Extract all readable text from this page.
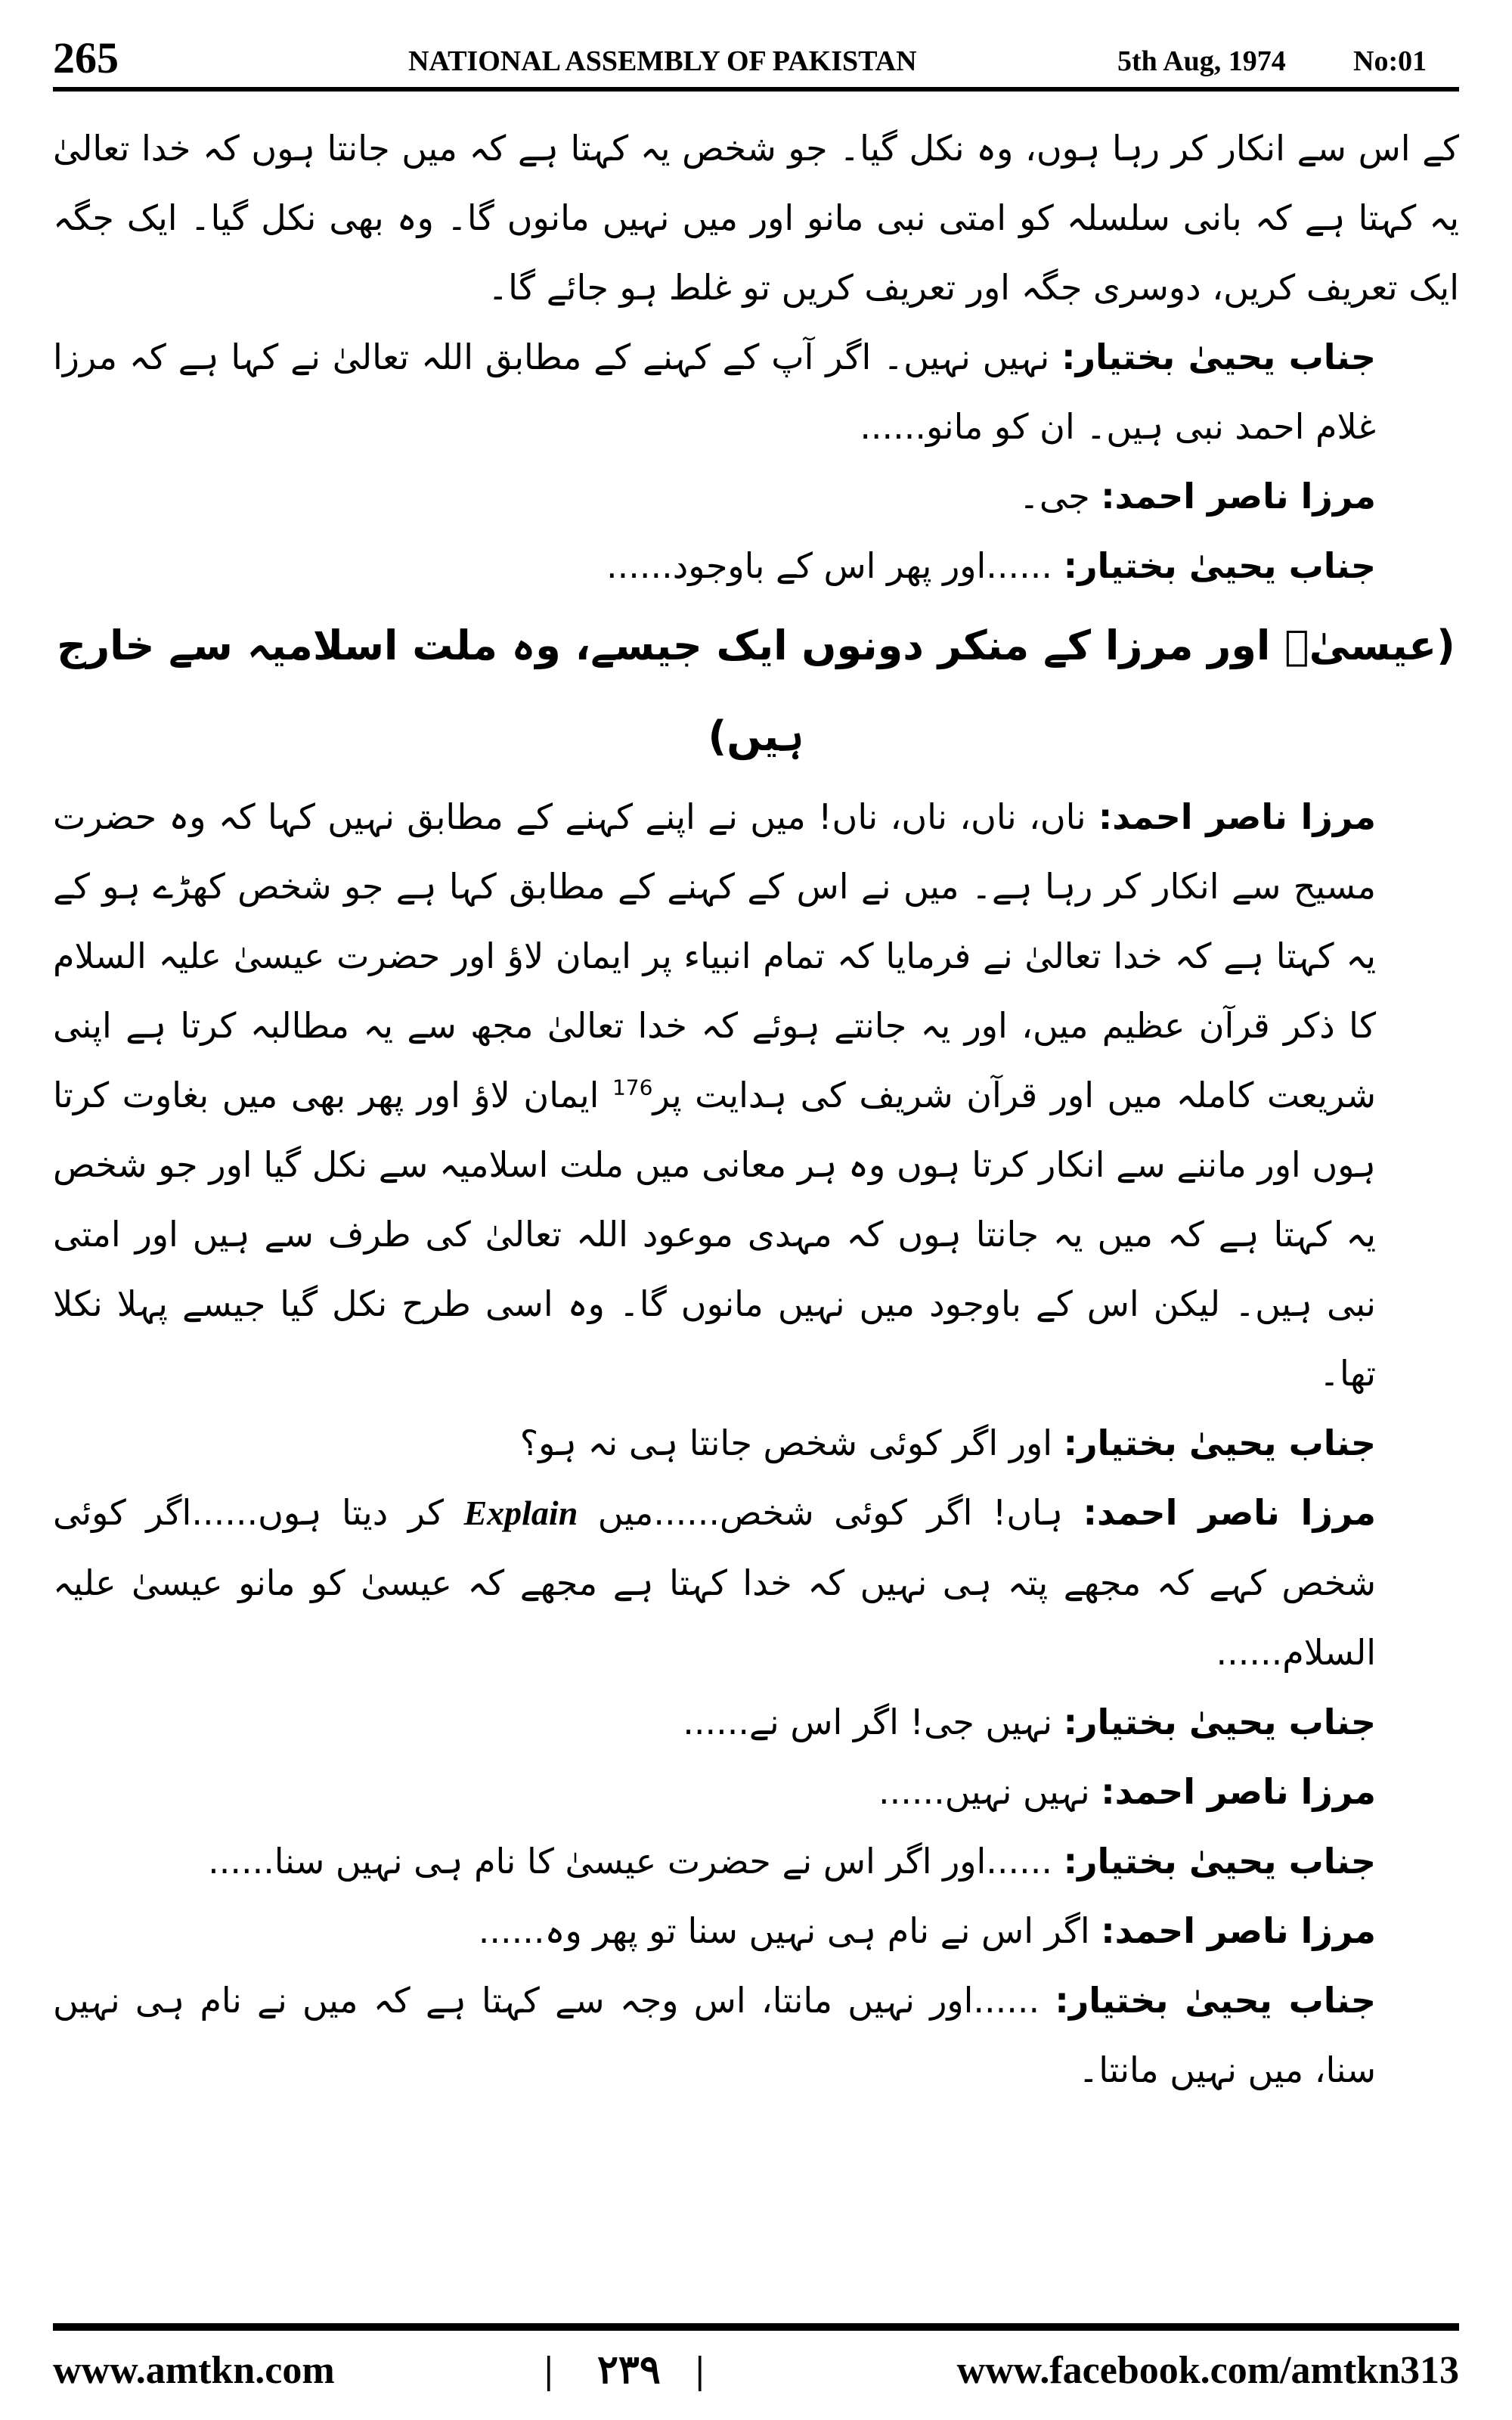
265	NATIONAL ASSEMBLY OF PAKISTAN	5th Aug, 1974 No:01

کے اس سے انکار کر رہا ہوں، وہ نکل گیا۔ جو شخص یہ کہتا ہے کہ میں جانتا ہوں کہ خدا تعالیٰ یہ کہتا ہے کہ بانی سلسلہ کو امتی نبی مانو اور میں نہیں مانوں گا۔ وہ بھی نکل گیا۔ ایک جگہ ایک تعریف کریں، دوسری جگہ اور تعریف کریں تو غلط ہو جائے گا۔

جناب یحییٰ بختیار: نہیں نہیں۔ اگر آپ کے کہنے کے مطابق اللہ تعالیٰ نے کہا ہے کہ مرزا غلام احمد نبی ہیں۔ ان کو مانو......

مرزا ناصر احمد: جی۔

جناب یحییٰ بختیار: ......اور پھر اس کے باوجود......

(عیسیٰؑ اور مرزا کے منکر دونوں ایک جیسے، وہ ملت اسلامیہ سے خارج ہیں)

مرزا ناصر احمد: ناں، ناں، ناں، ناں! میں نے اپنے کہنے کے مطابق نہیں کہا کہ وہ حضرت مسیح سے انکار کر رہا ہے۔ میں نے اس کے کہنے کے مطابق کہا ہے جو شخص کھڑے ہو کے یہ کہتا ہے کہ خدا تعالیٰ نے فرمایا کہ تمام انبیاء پر ایمان لاؤ اور حضرت عیسیٰ علیہ السلام کا ذکر قرآن عظیم میں، اور یہ جانتے ہوئے کہ خدا تعالیٰ مجھ سے یہ مطالبہ کرتا ہے اپنی شریعت کاملہ میں اور قرآن شریف کی ہدایت پر$^{176}$ ایمان لاؤ اور پھر بھی میں بغاوت کرتا ہوں اور ماننے سے انکار کرتا ہوں وہ ہر معانی میں ملت اسلامیہ سے نکل گیا اور جو شخص یہ کہتا ہے کہ میں یہ جانتا ہوں کہ مہدی موعود اللہ تعالیٰ کی طرف سے ہیں اور امتی نبی ہیں۔ لیکن اس کے باوجود میں نہیں مانوں گا۔ وہ اسی طرح نکل گیا جیسے پہلا نکلا تھا۔

جناب یحییٰ بختیار: اور اگر کوئی شخص جانتا ہی نہ ہو؟

مرزا ناصر احمد: ہاں! اگر کوئی شخص......میں Explain کر دیتا ہوں......اگر کوئی شخص کہے کہ مجھے پتہ ہی نہیں کہ خدا کہتا ہے مجھے کہ عیسیٰ کو مانو عیسیٰ علیہ السلام......

جناب یحییٰ بختیار: نہیں جی! اگر اس نے......

مرزا ناصر احمد: نہیں نہیں......

جناب یحییٰ بختیار: ......اور اگر اس نے حضرت عیسیٰ کا نام ہی نہیں سنا......

مرزا ناصر احمد: اگر اس نے نام ہی نہیں سنا تو پھر وہ......

جناب یحییٰ بختیار: ......اور نہیں مانتا، اس وجہ سے کہتا ہے کہ میں نے نام ہی نہیں سنا، میں نہیں مانتا۔

www.amtkn.com	| ۲۳۹ |	www.facebook.com/amtkn313
